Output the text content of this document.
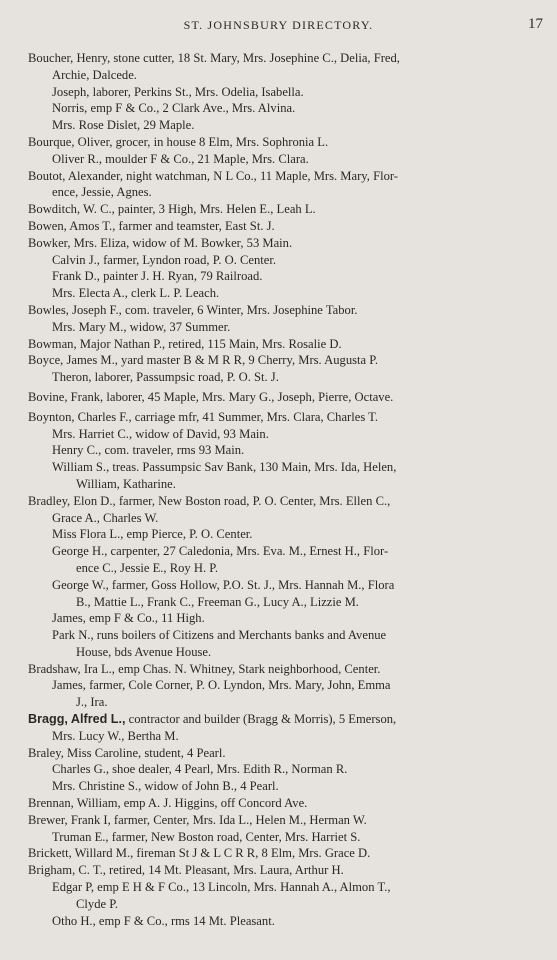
ST. JOHNSBURY DIRECTORY.	17
Boucher, Henry, stone cutter, 18 St. Mary, Mrs. Josephine C., Delia, Fred,
Archie, Dalcede.
Joseph, laborer, Perkins St., Mrs. Odelia, Isabella.
Norris, emp F & Co., 2 Clark Ave., Mrs. Alvina.
Mrs. Rose Dislet, 29 Maple.
Bourque, Oliver, grocer, in house 8 Elm, Mrs. Sophronia L.
Oliver R., moulder F & Co., 21 Maple, Mrs. Clara.
Boutot, Alexander, night watchman, N L Co., 11 Maple, Mrs. Mary, Flor-
ence, Jessie, Agnes.
Bowditch, W. C., painter, 3 High, Mrs. Helen E., Leah L.
Bowen, Amos T., farmer and teamster, East St. J.
Bowker, Mrs. Eliza, widow of M. Bowker, 53 Main.
Calvin J., farmer, Lyndon road, P. O. Center.
Frank D., painter J. H. Ryan, 79 Railroad.
Mrs. Electa A., clerk L. P. Leach.
Bowles, Joseph F., com. traveler, 6 Winter, Mrs. Josephine Tabor.
Mrs. Mary M., widow, 37 Summer.
Bowman, Major Nathan P., retired, 115 Main, Mrs. Rosalie D.
Boyce, James M., yard master B & M R R, 9 Cherry, Mrs. Augusta P.
Theron, laborer, Passumpsic road, P. O. St. J.
Bovine, Frank, laborer, 45 Maple, Mrs. Mary G., Joseph, Pierre, Octave.
Boynton, Charles F., carriage mfr, 41 Summer, Mrs. Clara, Charles T.
Mrs. Harriet C., widow of David, 93 Main.
Henry C., com. traveler, rms 93 Main.
William S., treas. Passumpsic Sav Bank, 130 Main, Mrs. Ida, Helen,
William, Katharine.
Bradley, Elon D., farmer, New Boston road, P. O. Center, Mrs. Ellen C.,
Grace A., Charles W.
Miss Flora L., emp Pierce, P. O. Center.
George H., carpenter, 27 Caledonia, Mrs. Eva. M., Ernest H., Flor-
ence C., Jessie E., Roy H. P.
George W., farmer, Goss Hollow, P.O. St. J., Mrs. Hannah M., Flora
B., Mattie L., Frank C., Freeman G., Lucy A., Lizzie M.
James, emp F & Co., 11 High.
Park N., runs boilers of Citizens and Merchants banks and Avenue
House, bds Avenue House.
Bradshaw, Ira L., emp Chas. N. Whitney, Stark neighborhood, Center.
James, farmer, Cole Corner, P. O. Lyndon, Mrs. Mary, John, Emma
J., Ira.
Bragg, Alfred L., contractor and builder (Bragg & Morris), 5 Emerson,
Mrs. Lucy W., Bertha M.
Braley, Miss Caroline, student, 4 Pearl.
Charles G., shoe dealer, 4 Pearl, Mrs. Edith R., Norman R.
Mrs. Christine S., widow of John B., 4 Pearl.
Brennan, William, emp A. J. Higgins, off Concord Ave.
Brewer, Frank I, farmer, Center, Mrs. Ida L., Helen M., Herman W.
Truman E., farmer, New Boston road, Center, Mrs. Harriet S.
Brickett, Willard M., fireman St J & L C R R, 8 Elm, Mrs. Grace D.
Brigham, C. T., retired, 14 Mt. Pleasant, Mrs. Laura, Arthur H.
Edgar P, emp E H & F Co., 13 Lincoln, Mrs. Hannah A., Almon T.,
Clyde P.
Otho H., emp F & Co., rms 14 Mt. Pleasant.
